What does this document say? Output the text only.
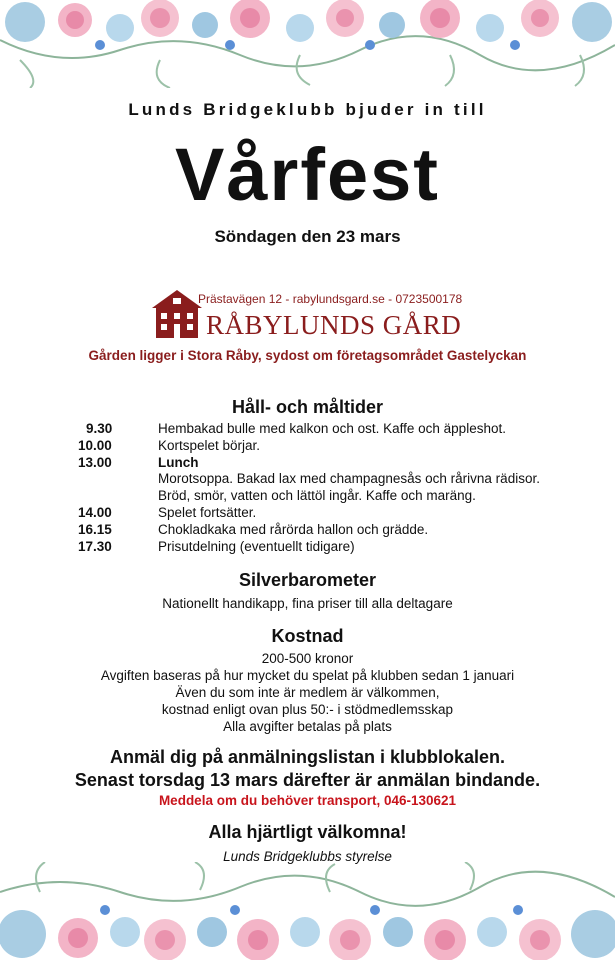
Lunds Bridgeklubb bjuder in till
Vårfest
Söndagen den 23 mars
Prästavägen 12 - rabylundsgard.se - 0723500178
RÅBYLUNDS GÅRD
Gården ligger i Stora Råby, sydost om företagsområdet Gastelyckan
Håll- och måltider
9.30	Hembakad bulle med kalkon och ost. Kaffe och äppleshot.
10.00	Kortspelet börjar.
13.00	Lunch
Morotsoppa. Bakad lax med champagnesås och rårivna rädisor.
Bröd, smör, vatten och lättöl ingår. Kaffe och maräng.
14.00	Spelet fortsätter.
16.15	Chokladkaka med rårörda hallon och grädde.
17.30	Prisutdelning (eventuellt tidigare)
Silverbarometer
Nationellt handikapp, fina priser till alla deltagare
Kostnad
200-500 kronor
Avgiften baseras på hur mycket du spelat på klubben sedan 1 januari
Även du som inte är medlem är välkommen,
kostnad enligt ovan plus 50:- i stödmedlemsskap
Alla avgifter betalas på plats
Anmäl dig på anmälningslistan i klubblokalen.
Senast torsdag 13 mars därefter är anmälan bindande.
Meddela om du behöver transport, 046-130621
Alla hjärtligt välkomna!
Lunds Bridgeklubbs styrelse
